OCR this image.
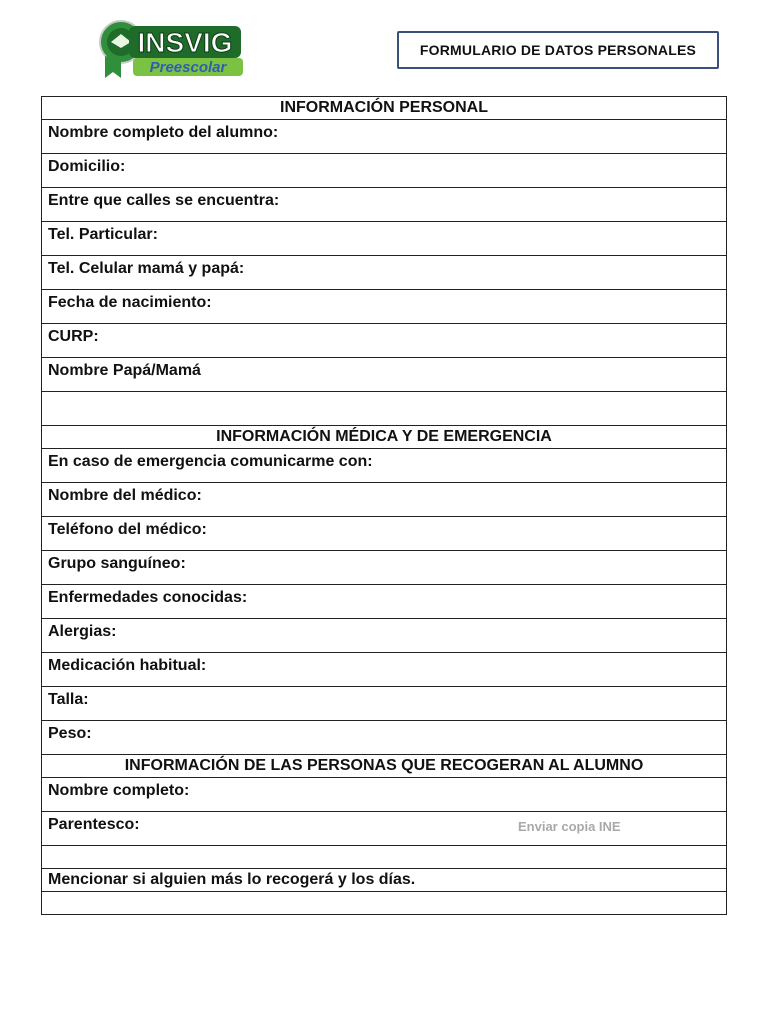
INSVIG
Preescolar
FORMULARIO DE DATOS PERSONALES
INFORMACIÓN PERSONAL
Nombre completo del alumno:
Domicilio:
Entre que calles se encuentra:
Tel. Particular:
Tel. Celular mamá y papá:
Fecha de nacimiento:
CURP:
Nombre Papá/Mamá
INFORMACIÓN MÉDICA Y DE EMERGENCIA
En caso de emergencia comunicarme con:
Nombre del médico:
Teléfono del médico:
Grupo sanguíneo:
Enfermedades conocidas:
Alergias:
Medicación habitual:
Talla:
Peso:
INFORMACIÓN DE LAS PERSONAS QUE RECOGERAN AL ALUMNO
Nombre completo:
Parentesco:	Enviar copia INE
Mencionar si alguien más lo recogerá y los días.
